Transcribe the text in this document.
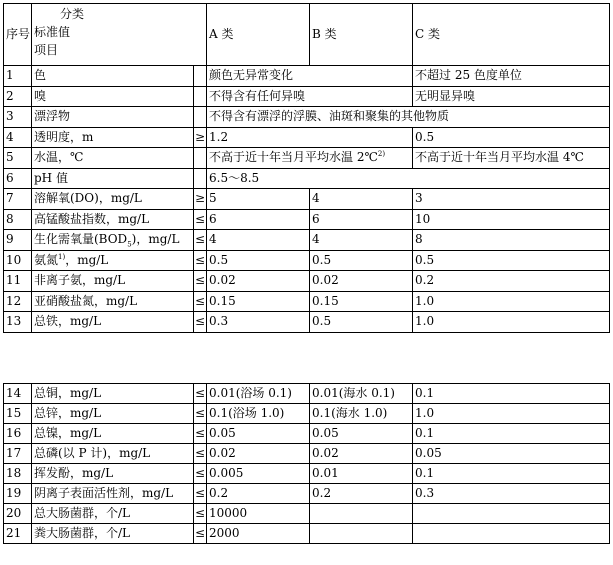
序号	分类
标准值
项目		A 类	B 类	C 类
1	色		颜色无异常变化		不超过 25 色度单位
2	嗅		不得含有任何异嗅		无明显异嗅
3	漂浮物		不得含有漂浮的浮膜、油斑和聚集的其他物质		
4	透明度，m	≥	1.2		0.5
5	水温，℃		不高于近十年当月平均水温 2℃$^{2)}$		不高于近十年当月平均水温 4℃
6	pH 值		6.5～8.5		
7	溶解氧(DO)，mg/L	≥	5	4	3
8	高锰酸盐指数，mg/L	≤	6	6	10
9	生化需氧量$(BOD_5)$，mg/L	≤	4	4	8
10	氨氮$^{1)}$，mg/L	≤	0.5	0.5	0.5
11	非离子氨，mg/L	≤	0.02	0.02	0.2
12	亚硝酸盐氮，mg/L	≤	0.15	0.15	1.0
13	总铁，mg/L	≤	0.3	0.5	1.0
14	总铜，mg/L	≤	0.01(浴场 0.1)	0.01(海水 0.1)	0.1
15	总锌，mg/L	≤	0.1(浴场 1.0)	0.1(海水 1.0)	1.0
16	总镍，mg/L	≤	0.05	0.05	0.1
17	总磷(以 P 计)，mg/L	≤	0.02	0.02	0.05
18	挥发酚，mg/L	≤	0.005	0.01	0.1
19	阴离子表面活性剂，mg/L	≤	0.2	0.2	0.3
20	总大肠菌群，个/L	≤	10000		
21	粪大肠菌群，个/L	≤	2000		
